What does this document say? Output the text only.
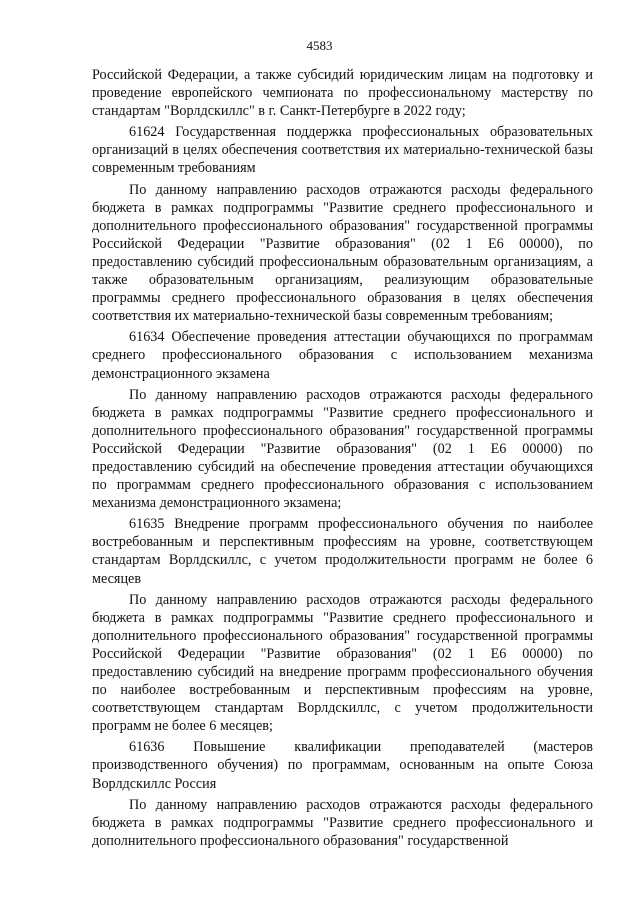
4583

Российской Федерации, а также субсидий юридическим лицам на подготовку и проведение европейского чемпионата по профессиональному мастерству по стандартам "Ворлдскиллс" в г. Санкт-Петербурге в 2022 году;

61624 Государственная поддержка профессиональных образовательных организаций в целях обеспечения соответствия их материально-технической базы современным требованиям

По данному направлению расходов отражаются расходы федерального бюджета в рамках подпрограммы "Развитие среднего профессионального и дополнительного профессионального образования" государственной программы Российской Федерации "Развитие образования" (02 1 Е6 00000), по предоставлению субсидий профессиональным образовательным организациям, а также образовательным организациям, реализующим образовательные программы среднего профессионального образования в целях обеспечения соответствия их материально-технической базы современным требованиям;

61634 Обеспечение проведения аттестации обучающихся по программам среднего профессионального образования с использованием механизма демонстрационного экзамена

По данному направлению расходов отражаются расходы федерального бюджета в рамках подпрограммы "Развитие среднего профессионального и дополнительного профессионального образования" государственной программы Российской Федерации "Развитие образования" (02 1 Е6 00000) по предоставлению субсидий на обеспечение проведения аттестации обучающихся по программам среднего профессионального образования с использованием механизма демонстрационного экзамена;

61635 Внедрение программ профессионального обучения по наиболее востребованным и перспективным профессиям на уровне, соответствующем стандартам Ворлдскиллс, с учетом продолжительности программ не более 6 месяцев

По данному направлению расходов отражаются расходы федерального бюджета в рамках подпрограммы "Развитие среднего профессионального и дополнительного профессионального образования" государственной программы Российской Федерации "Развитие образования" (02 1 Е6 00000) по предоставлению субсидий на внедрение программ профессионального обучения по наиболее востребованным и перспективным профессиям на уровне, соответствующем стандартам Ворлдскиллс, с учетом продолжительности программ не более 6 месяцев;

61636 Повышение квалификации преподавателей (мастеров производственного обучения) по программам, основанным на опыте Союза Ворлдскиллс Россия

По данному направлению расходов отражаются расходы федерального бюджета в рамках подпрограммы "Развитие среднего профессионального и дополнительного профессионального образования" государственной
